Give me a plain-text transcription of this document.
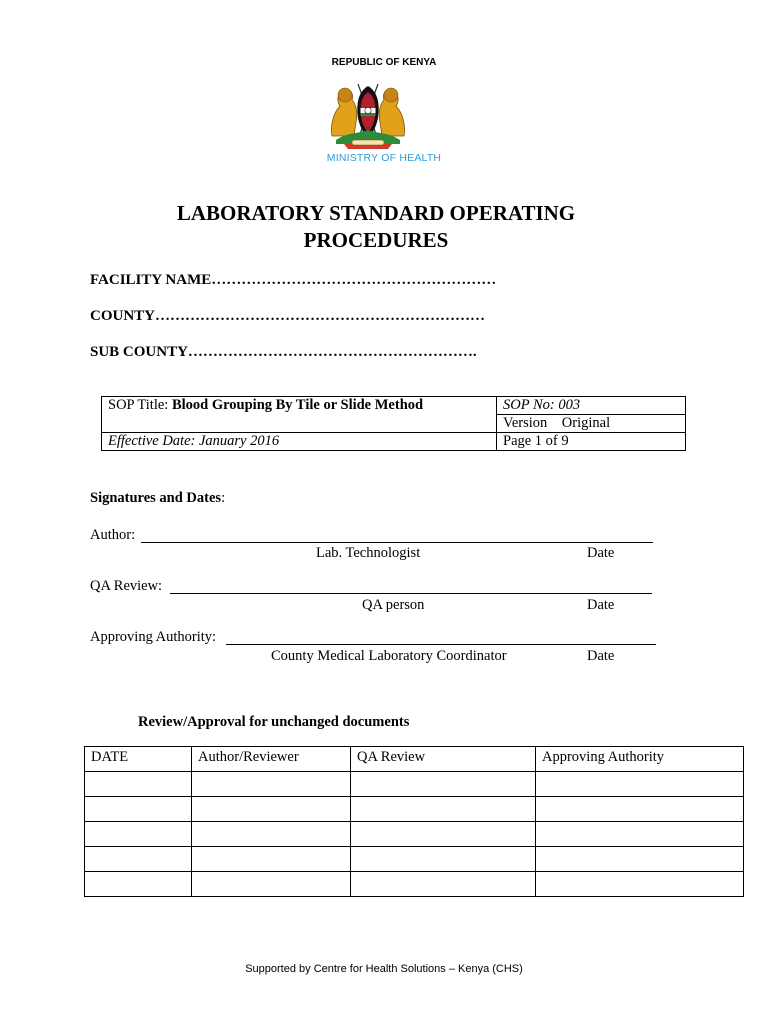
REPUBLIC OF KENYA
MINISTRY OF HEALTH
LABORATORY STANDARD OPERATING
PROCEDURES
FACILITY NAME…………………………………………………
COUNTY…………………………………………………………
SUB COUNTY………………………………………………….
SOP Title: Blood Grouping By Tile or Slide Method	SOP No: 003
	Version    Original
Effective Date: January 2016	Page 1 of 9
Signatures and Dates:
Author:
Lab. Technologist	Date
QA Review:
QA person	Date
Approving Authority:
County Medical Laboratory Coordinator	Date
Review/Approval for unchanged documents
DATE	Author/Reviewer	QA Review	Approving Authority

Supported by Centre for Health Solutions – Kenya (CHS)
